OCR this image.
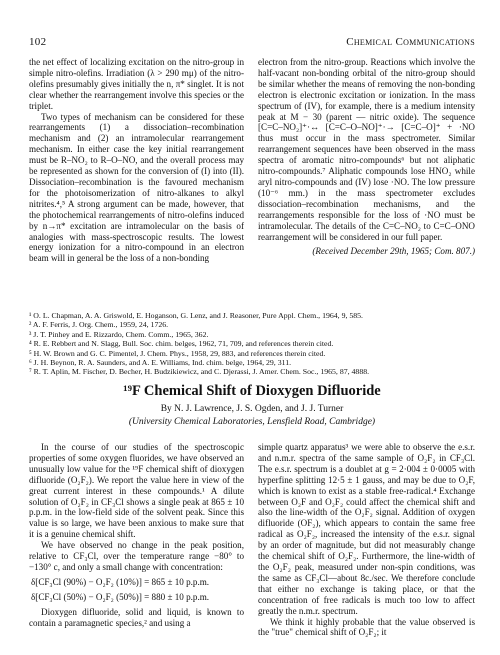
102	Chemical Communications

the net effect of localizing excitation on the nitro-group in simple nitro-olefins. Irradiation (λ > 290 mμ) of the nitro-olefins presumably gives initially the n, π* singlet. It is not clear whether the rearrangement involve this species or the triplet.

Two types of mechanism can be considered for these rearrangements (1) a dissociation–recombination mechanism and (2) an intramolecular rearrangement mechanism. In either case the key initial rearrangement must be R–NO₂ to R–O–NO, and the overall process may be represented as shown for the conversion of (I) into (II). Dissociation–recombination is the favoured mechanism for the photoisomerization of nitro-alkanes to alkyl nitrites.⁴,⁵ A strong argument can be made, however, that the photochemical rearrangements of nitro-olefins induced by n→π* excitation are intramolecular on the basis of analogies with mass-spectroscopic results. The lowest energy ionization for a nitro-compound in an electron beam will in general be the loss of a non-bonding

electron from the nitro-group. Reactions which involve the half-vacant non-bonding orbital of the nitro-group should be similar whether the means of removing the non-bonding electron is electronic excitation or ionization. In the mass spectrum of (IV), for example, there is a medium intensity peak at M − 30 (parent — nitric oxide). The sequence [C=C–NO₂]⁺·↔ [C=C–O–NO]⁺·→ [C=C–O]⁺ + ·NO thus must occur in the mass spectrometer. Similar rearrangement sequences have been observed in the mass spectra of aromatic nitro-compounds⁶ but not aliphatic nitro-compounds.⁷ Aliphatic compounds lose HNO₂ while aryl nitro-compounds and (IV) lose ·NO. The low pressure (10⁻⁶ mm.) in the mass spectrometer excludes dissociation–recombination mechanisms, and the rearrangements responsible for the loss of ·NO must be intramolecular. The details of the C=C–NO₂ to C=C–ONO rearrangement will be considered in our full paper.

(Received December 29th, 1965; Com. 807.)

¹ O. L. Chapman, A. A. Griswold, E. Hoganson, G. Lenz, and J. Reasoner, Pure Appl. Chem., 1964, 9, 585.
² A. F. Ferris, J. Org. Chem., 1959, 24, 1726.
³ J. T. Pinhey and E. Rizzardo, Chem. Comm., 1965, 362.
⁴ R. E. Rebbert and N. Slagg, Bull. Soc. chim. belges, 1962, 71, 709, and references therein cited.
⁵ H. W. Brown and G. C. Pimentel, J. Chem. Phys., 1958, 29, 883, and references therein cited.
⁶ J. H. Beynon, R. A. Saunders, and A. E. Williams, Ind. chim. belge, 1964, 29, 311.
⁷ R. T. Aplin, M. Fischer, D. Becher, H. Budzikiewicz, and C. Djerassi, J. Amer. Chem. Soc., 1965, 87, 4888.
¹⁹F Chemical Shift of Dioxygen Difluoride
By N. J. Lawrence, J. S. Ogden, and J. J. Turner
(University Chemical Laboratories, Lensfield Road, Cambridge)

In the course of our studies of the spectroscopic properties of some oxygen fluorides, we have observed an unusually low value for the ¹⁹F chemical shift of dioxygen difluoride (O₂F₂). We report the value here in view of the great current interest in these compounds.¹ A dilute solution of O₂F₂ in CF₃Cl shows a single peak at 865 ± 10 p.p.m. in the low-field side of the solvent peak. Since this value is so large, we have been anxious to make sure that it is a genuine chemical shift.

We have observed no change in the peak position, relative to CF₃Cl, over the temperature range −80° to −130° c, and only a small change with concentration:

δ[CF₃Cl (90%) − O₂F₂ (10%)] = 865 ± 10 p.p.m.

δ[CF₃Cl (50%) − O₂F₂ (50%)] = 880 ± 10 p.p.m.

Dioxygen difluoride, solid and liquid, is known to contain a paramagnetic species,² and using a

simple quartz apparatus³ we were able to observe the e.s.r. and n.m.r. spectra of the same sample of O₂F₂ in CF₃Cl. The e.s.r. spectrum is a doublet at g = 2·004 ± 0·0005 with hyperfine splitting 12·5 ± 1 gauss, and may be due to O₂F, which is known to exist as a stable free-radical.⁴ Exchange between O₂F and O₂F₂ could affect the chemical shift and also the line-width of the O₂F₂ signal. Addition of oxygen difluoride (OF₂), which appears to contain the same free radical as O₂F₂, increased the intensity of the e.s.r. signal by an order of magnitude, but did not measurably change the chemical shift of O₂F₂. Furthermore, the line-width of the O₂F₂ peak, measured under non-spin conditions, was the same as CF₃Cl—about 8c./sec. We therefore conclude that either no exchange is taking place, or that the concentration of free radicals is much too low to affect greatly the n.m.r. spectrum.

We think it highly probable that the value observed is the "true" chemical shift of O₂F₂; it
